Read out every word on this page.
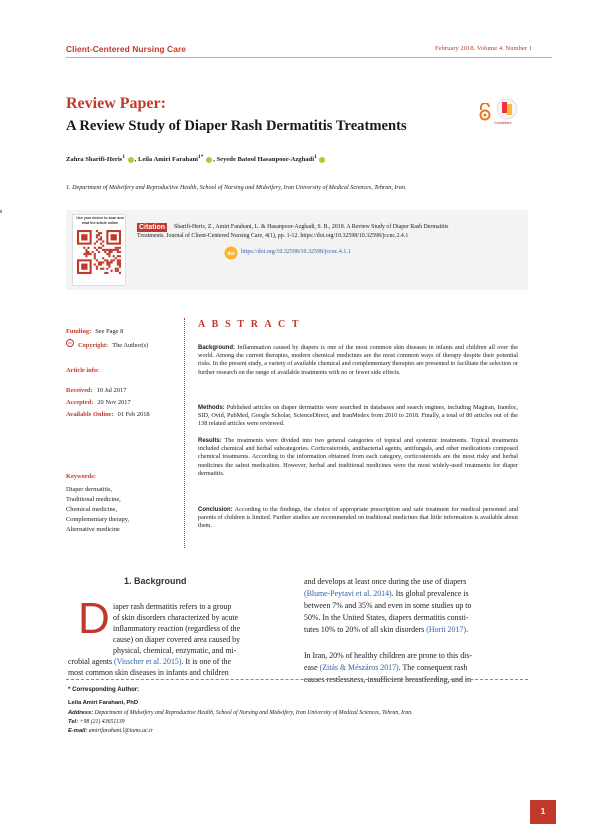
Client-Centered Nursing Care	February 2018. Volume 4. Number 1
Review Paper:
A Review Study of Diaper Rash Dermatitis Treatments	CrossMark
Zahra Sharifi-Heris$^1$ , Leila Amiri Farahani$^{1*}$ , Seyede Batool Hasanpoor-Azghadi$^1$
1. Department of Midwifery and Reproductive Health, School of Nursing and Midwifery, Iran University of Medical Sciences, Tehran, Iran.
Use your device to scan and read the article online
Citation	Sharifi-Heris, Z., Amiri Farahani, L. & Hasanpoor-Azghadi, S. B., 2018. A Review Study of Diaper Rash Dermatitis
Treatments. Journal of Client-Centered Nursing Care, 4(1), pp. 1-12. https://doi.org/10.32598/10.32598/jccnc.2.4.1
doi https://doi.org/10.32598/10.32598/jccnc.4.1.1
Funding: See Page 8
cc Copyright: The Author(s)
Article info:
Received: 10 Jul 2017
Accepted: 20 Nov 2017
Available Online: 01 Feb 2018
Keywords:
Diaper dermatitis,
Traditional medicine,
Chemical medicine,
Complementary therapy,
Alternative medicine
A B S T R A C T
Background: Inflammation caused by diapers is one of the most common skin diseases in infants and children all over the world. Among the current therapies, modern chemical medicines are the most common ways of therapy despite their potential risks. In the present study, a variety of available chemical and complementary therapies are presented to facilitate the selection or further research on the range of available treatments with no or fewer side effects.
Methods: Published articles on diaper dermatitis were searched in databases and search engines, including Magiran, Irandoc, SID, Ovid, PubMed, Google Scholar, ScienceDirect, and IranMedex from 2010 to 2018. Finally, a total of 80 articles out of the 138 related articles were reviewed.
Results: The treatments were divided into two general categories of topical and systemic treatments. Topical treatments included chemical and herbal subcategories. Corticosteroids, antibacterial agents, antifungals, and other medications composed chemical treatments. According to the information obtained from each category, corticosteroids are the most risky and herbal medicines the safest medication. However, herbal and traditional medicines were the most widely-used treatments for diaper dermatitis.
Conclusion: According to the findings, the choice of appropriate prescription and safe treatment for medical personnel and parents of children is limited. Further studies are recommended on traditional medicines that little information is available about them.
1. Background
D iaper rash dermatitis refers to a group
of skin disorders characterized by acute
inflammatory reaction (regardless of the
cause) on diaper covered area caused by
physical, chemical, enzymatic, and mi-
crobial agents (Visscher et al. 2015). It is one of the
most common skin diseases in infants and children
and develops at least once during the use of diapers
(Blume-Peytavi et al. 2014). Its global prevalence is
between 7% and 35% and even in some studies up to
50%. In the United States, diapers dermatitis consti-
tutes 10% to 20% of all skin disorders (Horii 2017).
In Iran, 20% of healthy children are prone to this dis-
ease (Zitás & Mészáros 2017). The consequent rash
causes restlessness, insufficient breastfeeding, and in-
* Corresponding Author:
Leila Amiri Farahani, PhD
Address: Department of Midwifery and Reproductive Health, School of Nursing and Midwifery, Iran University of Medical Sciences, Tehran, Iran.
Tel: +98 (21) 43651139
E-mail: amirifarahani.l@iums.ac.ir
1
